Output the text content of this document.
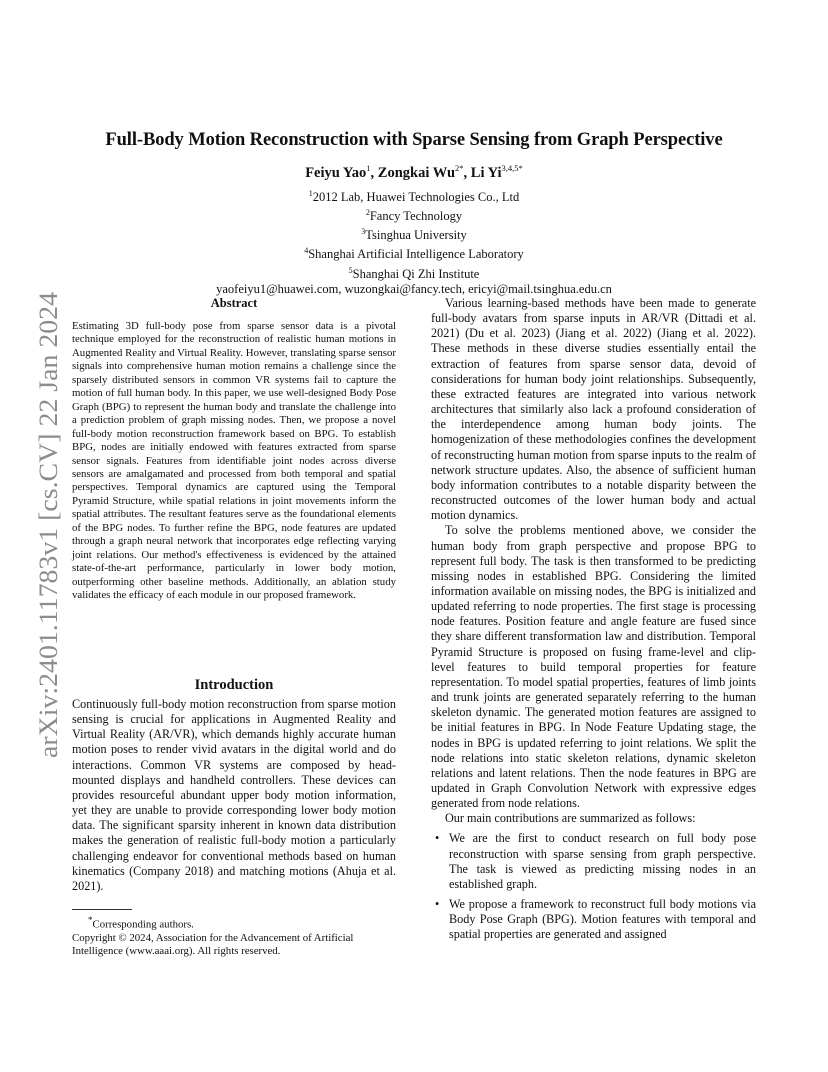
arXiv:2401.11783v1 [cs.CV] 22 Jan 2024
Full-Body Motion Reconstruction with Sparse Sensing from Graph Perspective

Feiyu Yao$^1$, Zongkai $Wu^{2*}$, Li $Yi^{3,4,5*}$

$^1$2012 Lab, Huawei Technologies Co., Ltd
$^2$Fancy Technology
$^3$Tsinghua University
$^4$Shanghai Artificial Intelligence Laboratory
$^5$Shanghai Qi Zhi Institute
yaofeiyu1@huawei.com, wuzongkai@fancy.tech, ericyi@mail.tsinghua.edu.cn
Abstract

Estimating 3D full-body pose from sparse sensor data is a pivotal technique employed for the reconstruction of realistic human motions in Augmented Reality and Virtual Reality. However, translating sparse sensor signals into comprehensive human motion remains a challenge since the sparsely distributed sensors in common VR systems fail to capture the motion of full human body. In this paper, we use well-designed Body Pose Graph (BPG) to represent the human body and translate the challenge into a prediction problem of graph missing nodes. Then, we propose a novel full-body motion reconstruction framework based on BPG. To establish BPG, nodes are initially endowed with features extracted from sparse sensor signals. Features from identifiable joint nodes across diverse sensors are amalgamated and processed from both temporal and spatial perspectives. Temporal dynamics are captured using the Temporal Pyramid Structure, while spatial relations in joint movements inform the spatial attributes. The resultant features serve as the foundational elements of the BPG nodes. To further refine the BPG, node features are updated through a graph neural network that incorporates edge reflecting varying joint relations. Our method's effectiveness is evidenced by the attained state-of-the-art performance, particularly in lower body motion, outperforming other baseline methods. Additionally, an ablation study validates the efficacy of each module in our proposed framework.

Introduction

Continuously full-body motion reconstruction from sparse motion sensing is crucial for applications in Augmented Reality and Virtual Reality (AR/VR), which demands highly accurate human motion poses to render vivid avatars in the digital world and do interactions. Common VR systems are composed by head-mounted displays and handheld controllers. These devices can provides resourceful abundant upper body motion information, yet they are unable to provide corresponding lower body motion data. The significant sparsity inherent in known data distribution makes the generation of realistic full-body motion a particularly challenging endeavor for conventional methods based on human kinematics (Company 2018) and matching motions (Ahuja et al. 2021).

*Corresponding authors.

Copyright © 2024, Association for the Advancement of Artificial Intelligence (www.aaai.org). All rights reserved.

Various learning-based methods have been made to generate full-body avatars from sparse inputs in AR/VR (Dittadi et al. 2021) (Du et al. 2023) (Jiang et al. 2022) (Jiang et al. 2022). These methods in these diverse studies essentially entail the extraction of features from sparse sensor data, devoid of considerations for human body joint relationships. Subsequently, these extracted features are integrated into various network architectures that similarly also lack a profound consideration of the interdependence among human body joints. The homogenization of these methodologies confines the development of reconstructing human motion from sparse inputs to the realm of network structure updates. Also, the absence of sufficient human body information contributes to a notable disparity between the reconstructed outcomes of the lower human body and actual motion dynamics.

To solve the problems mentioned above, we consider the human body from graph perspective and propose BPG to represent full body. The task is then transformed to be predicting missing nodes in established BPG. Considering the limited information available on missing nodes, the BPG is initialized and updated referring to node properties. The first stage is processing node features. Position feature and angle feature are fused since they share different transformation law and distribution. Temporal Pyramid Structure is proposed on fusing frame-level and clip-level features to build temporal properties for feature representation. To model spatial properties, features of limb joints and trunk joints are generated separately referring to the human skeleton dynamic. The generated motion features are assigned to be initial features in BPG. In Node Feature Updating stage, the nodes in BPG is updated referring to joint relations. We split the node relations into static skeleton relations, dynamic skeleton relations and latent relations. Then the node features in BPG are updated in Graph Convolution Network with expressive edges generated from node relations.

Our main contributions are summarized as follows:

• We are the first to conduct research on full body pose reconstruction with sparse sensing from graph perspective. The task is viewed as predicting missing nodes in an established graph.
• We propose a framework to reconstruct full body motions via Body Pose Graph (BPG). Motion features with temporal and spatial properties are generated and assigned
